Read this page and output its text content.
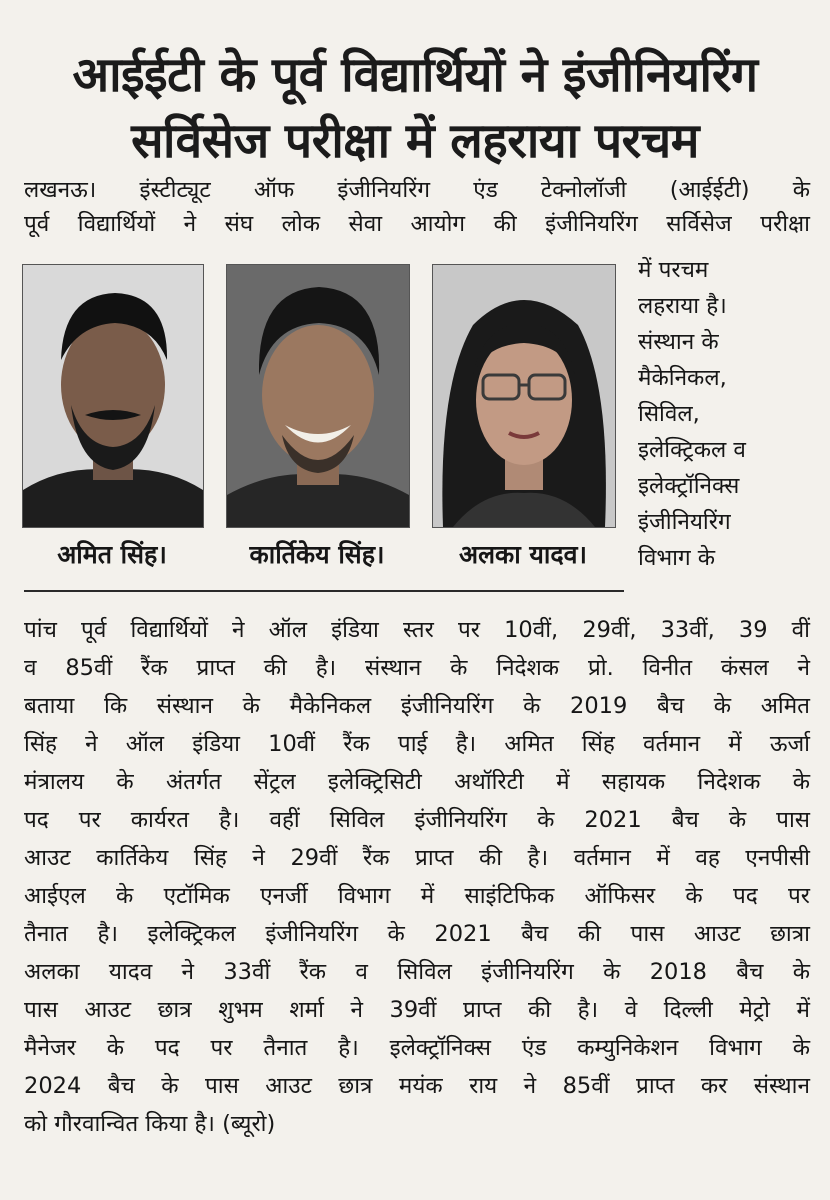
आईईटी के पूर्व विद्यार्थियों ने इंजीनियरिंग
सर्विसेज परीक्षा में लहराया परचम
लखनऊ। इंस्टीट्यूट ऑफ इंजीनियरिंग एंड टेक्नोलॉजी (आईईटी) के
पूर्व विद्यार्थियों ने संघ लोक सेवा आयोग की इंजीनियरिंग सर्विसेज परीक्षा
अमित सिंह।	कार्तिकेय सिंह।	अलका यादव।
में परचम
लहराया है।
संस्थान के
मैकेनिकल,
सिविल,
इलेक्ट्रिकल व
इलेक्ट्रॉनिक्स
इंजीनियरिंग
विभाग के
पांच पूर्व विद्यार्थियों ने ऑल इंडिया स्तर पर 10वीं, 29वीं, 33वीं, 39 वीं
व 85वीं रैंक प्राप्त की है। संस्थान के निदेशक प्रो. विनीत कंसल ने
बताया कि संस्थान के मैकेनिकल इंजीनियरिंग के 2019 बैच के अमित
सिंह ने ऑल इंडिया 10वीं रैंक पाई है। अमित सिंह वर्तमान में ऊर्जा
मंत्रालय के अंतर्गत सेंट्रल इलेक्ट्रिसिटी अथॉरिटी में सहायक निदेशक के
पद पर कार्यरत है। वहीं सिविल इंजीनियरिंग के 2021 बैच के पास
आउट कार्तिकेय सिंह ने 29वीं रैंक प्राप्त की है। वर्तमान में वह एनपीसी
आईएल के एटॉमिक एनर्जी विभाग में साइंटिफिक ऑफिसर के पद पर
तैनात है। इलेक्ट्रिकल इंजीनियरिंग के 2021 बैच की पास आउट छात्रा
अलका यादव ने 33वीं रैंक व सिविल इंजीनियरिंग के 2018 बैच के
पास आउट छात्र शुभम शर्मा ने 39वीं प्राप्त की है। वे दिल्ली मेट्रो में
मैनेजर के पद पर तैनात है। इलेक्ट्रॉनिक्स एंड कम्युनिकेशन विभाग के
2024 बैच के पास आउट छात्र मयंक राय ने 85वीं प्राप्त कर संस्थान
को गौरवान्वित किया है। (ब्यूरो)
